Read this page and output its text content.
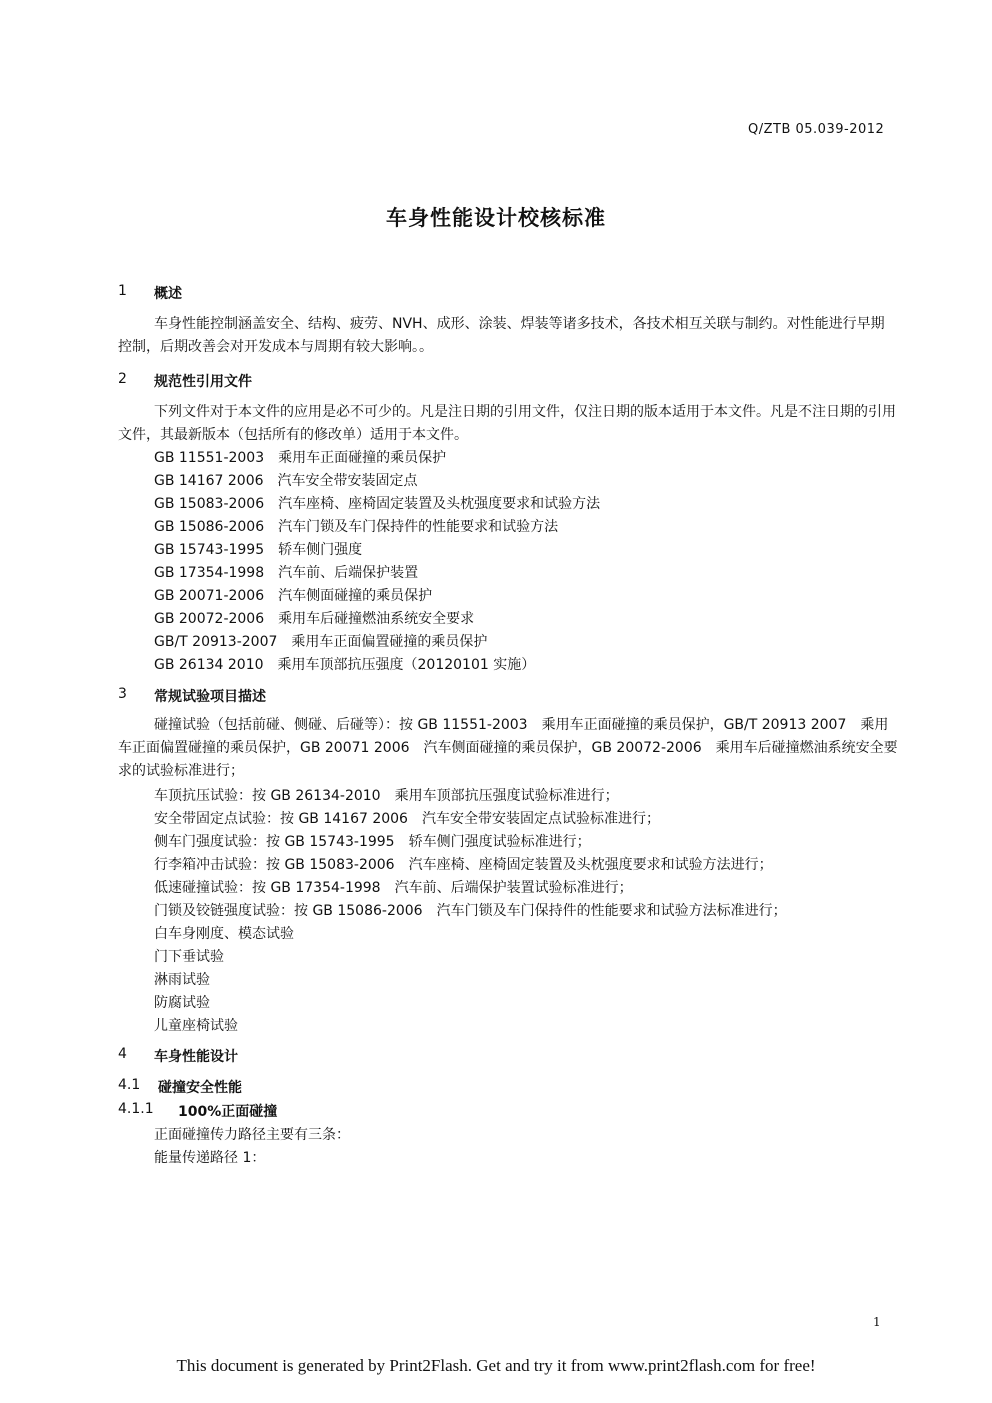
Q/ZTB 05.039-2012
车身性能设计校核标准
1 概述
车身性能控制涵盖安全、结构、疲劳、NVH、成形、涂装、焊装等诸多技术，各技术相互关联与制约。对性能进行早期控制，后期改善会对开发成本与周期有较大影响。。
2 规范性引用文件
下列文件对于本文件的应用是必不可少的。凡是注日期的引用文件，仅注日期的版本适用于本文件。凡是不注日期的引用文件，其最新版本（包括所有的修改单）适用于本文件。
GB 11551-2003　乘用车正面碰撞的乘员保护
GB 14167 2006　汽车安全带安装固定点
GB 15083-2006　汽车座椅、座椅固定装置及头枕强度要求和试验方法
GB 15086-2006　汽车门锁及车门保持件的性能要求和试验方法
GB 15743-1995　轿车侧门强度
GB 17354-1998　汽车前、后端保护装置
GB 20071-2006　汽车侧面碰撞的乘员保护
GB 20072-2006　乘用车后碰撞燃油系统安全要求
GB/T 20913-2007　乘用车正面偏置碰撞的乘员保护
GB 26134 2010　乘用车顶部抗压强度（20120101 实施）
3 常规试验项目描述
碰撞试验（包括前碰、侧碰、后碰等）：按 GB 11551-2003　乘用车正面碰撞的乘员保护，GB/T 20913 2007　乘用车正面偏置碰撞的乘员保护，GB 20071 2006　汽车侧面碰撞的乘员保护，GB 20072-2006　乘用车后碰撞燃油系统安全要求的试验标准进行；
车顶抗压试验：按 GB 26134-2010　乘用车顶部抗压强度试验标准进行；
安全带固定点试验：按 GB 14167 2006　汽车安全带安装固定点试验标准进行；
侧车门强度试验：按 GB 15743-1995　轿车侧门强度试验标准进行；
行李箱冲击试验：按 GB 15083-2006　汽车座椅、座椅固定装置及头枕强度要求和试验方法进行；
低速碰撞试验：按 GB 17354-1998　汽车前、后端保护装置试验标准进行；
门锁及铰链强度试验：按 GB 15086-2006　汽车门锁及车门保持件的性能要求和试验方法标准进行；
白车身刚度、模态试验
门下垂试验
淋雨试验
防腐试验
儿童座椅试验
4 车身性能设计
4.1 碰撞安全性能
4.1.1 100%正面碰撞
正面碰撞传力路径主要有三条：
能量传递路径 1：
1
This document is generated by Print2Flash. Get and try it from www.print2flash.com for free!
